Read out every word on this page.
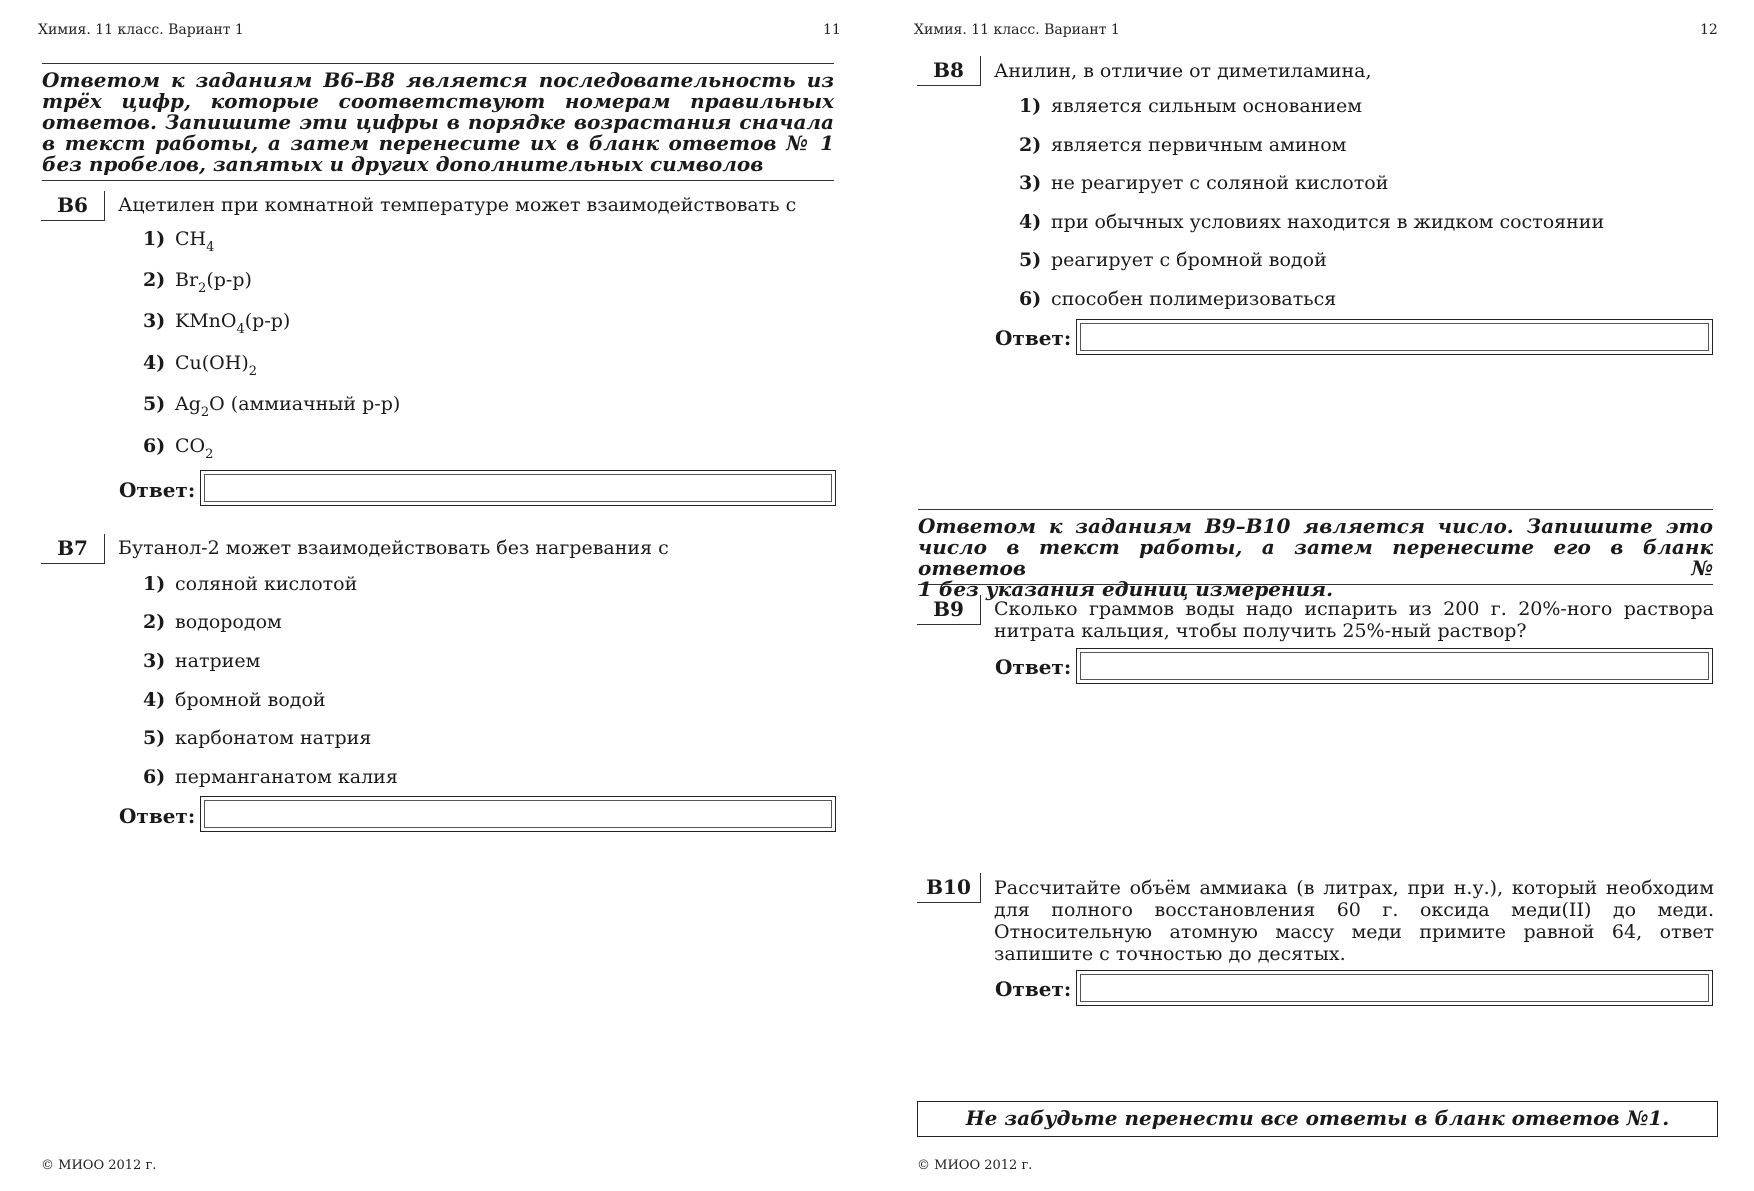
Химия. 11 класс. Вариант 1	11
Ответом к заданиям В6–В8 является последовательность из
трёх цифр, которые соответствуют номерам правильных
ответов. Запишите эти цифры в порядке возрастания сначала
в текст работы, а затем перенесите их в бланк ответов № 1
без пробелов, запятых и других дополнительных символов
B6	Ацетилен при комнатной температуре может взаимодействовать с
1) $CH_4$
2) $Br_2(р-р)$
3) KMnO$_4$(р-р)
4) $Cu(OH)_2$
5) $Ag_2O$ (аммиачный р-р)
6) $CO_2$
Ответ:
B7	Бутанол-2 может взаимодействовать без нагревания с
1) соляной кислотой
2) водородом
3) натрием
4) бромной водой
5) карбонатом натрия
6) перманганатом калия
Ответ:
© МИОО 2012 г.
Химия. 11 класс. Вариант 1	12
B8	Анилин, в отличие от диметиламина,
1) является сильным основанием
2) является первичным амином
3) не реагирует с соляной кислотой
4) при обычных условиях находится в жидком состоянии
5) реагирует с бромной водой
6) способен полимеризоваться
Ответ:
Ответом к заданиям В9–В10 является число. Запишите это
число в текст работы, а затем перенесите его в бланк ответов №
1 без указания единиц измерения.
B9	Сколько граммов воды надо испарить из 200 г. 20%-ного раствора
нитрата кальция, чтобы получить 25%-ный раствор?
Ответ:
B10	Рассчитайте объём аммиака (в литрах, при н.у.), который необходим
для полного восстановления 60 г. оксида меди(II) до меди.
Относительную атомную массу меди примите равной 64, ответ
запишите с точностью до десятых.
Ответ:
© МИОО 2012 г.
Не забудьте перенести все ответы в бланк ответов №1.
